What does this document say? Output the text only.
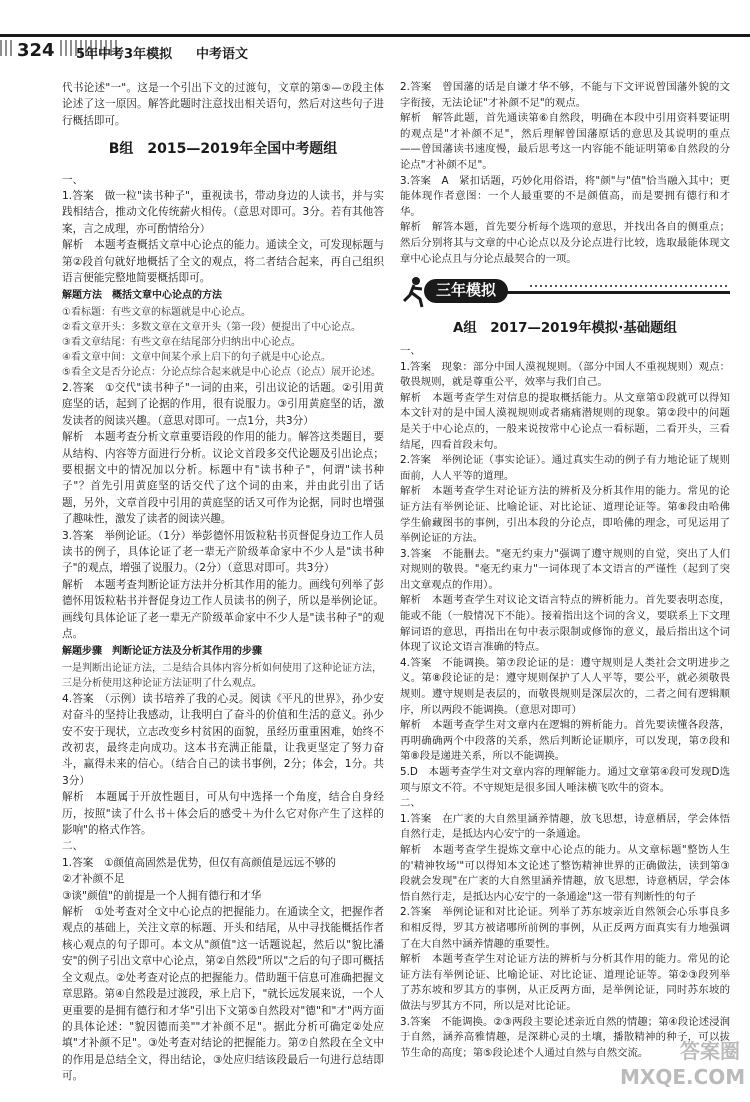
324 5年中考3年模拟 中考语文

代书论述"一"。这是一个引出下文的过渡句，文章的第⑤—⑦段主体论述了这一原因。解答此题时注意找出相关语句，然后对这些句子进行概括即可。

B组　2015—2019年全国中考题组

一、

1.答案　做一粒"读书种子"，重视读书，带动身边的人读书，并与实践相结合，推动文化传统薪火相传。（意思对即可。3分。若有其他答案，言之成理，亦可酌情给分）

解析　本题考查概括文章中心论点的能力。通读全文，可发现标题与第②段首句就好地概括了全文的观点，将二者结合起来，再自己组织语言便能完整地简要概括即可。

解题方法　概括文章中心论点的方法
①看标题：有些文章的标题就是中心论点。
②看文章开头：多数文章在文章开头（第一段）便提出了中心论点。
③看文章结尾：有些文章在结尾部分归纳出中心论点。
④看文章中间：文章中间某个承上启下的句子就是中心论点。
⑤看全文是否分论点：分论点综合起来就是中心论点（论点）展开论述。

2.答案　①交代"读书种子"一词的由来，引出议论的话题。②引用黄庭坚的话，起到了论据的作用，很有说服力。③引用黄庭坚的话，激发读者的阅读兴趣。（意思对即可。一点1分，共3分）

解析　本题考查分析文章重要语段的作用的能力。解答这类题目，要从结构、内容等方面进行分析。议论文首段多交代论题及引出论点；要根据文中的情况加以分析。标题中有"读书种子"，何谓"读书种子"？首先引用黄庭坚的话交代了这个词的由来，并由此引出了话题，另外，文章首段中引用的黄庭坚的话又可作为论据，同时也增强了趣味性，激发了读者的阅读兴趣。

3.答案　举例论证。（1分）举彭德怀用饭粒粘书页督促身边工作人员读书的例子，具体论证了老一辈无产阶级革命家中不少人是"读书种子"的观点，增强了说服力。（2分）（意思对即可。共3分）

解析　本题考查判断论证方法并分析其作用的能力。画线句列举了彭德怀用饭粒粘书并督促身边工作人员读书的例子，所以是举例论证。画线句具体论证了老一辈无产阶级革命家中不少人是"读书种子"的观点。

解题步骤　判断论证方法及分析其作用的步骤
一是判断出论证方法，二是结合具体内容分析如何使用了这种论证方法，三是分析使用这种论证方法证明了什么观点。

4.答案　（示例）读书培养了我的心灵。阅读《平凡的世界》，孙少安对奋斗的坚持让我感动，让我明白了奋斗的价值和生活的意义。孙少安不安于现状，立志改变乡村贫困的面貌，虽经历重重困难，始终不改初衷，最终走向成功。这本书充满正能量，让我更坚定了努力奋斗，赢得未来的信心。（结合自己的读书事例，2分；体会，1分。共3分）

解析　本题属于开放性题目，可从句中选择一个角度，结合自身经历，按照"读了什么书＋体会后的感受＋为什么它对你产生了这样的影响"的格式作答。

二、

1.答案　①颜值高固然是优势，但仅有高颜值是远远不够的

②才补颜不足

③谈"颜值"的前提是一个人拥有德行和才华

解析　①处考查对全文中心论点的把握能力。在通读全文，把握作者观点的基础上，关注文章的标题、开头和结尾，从中寻找能概括作者核心观点的句子即可。本文从"颜值"这一话题说起，然后以"貌比潘安"的例子引出文章中心论点，第②自然段"所以"之后的句子即可概括全文观点。②处考查对论点的把握能力。借助题干信息可准确把握文章思路。第④自然段是过渡段，承上启下，"就长远发展来说，一个人更重要的是拥有德行和才华"引出下文第⑤自然段对"德"和"才"两方面的具体论述："貌因德而美""才补颜不足"。据此分析可确定②处应填"才补颜不足"。③处考查对结论的把握能力。第⑦自然段在全文中的作用是总结全文，得出结论，③处应归结该段最后一句进行总结即可。

2.答案　曾国藩的话是自谦才华不够，不能与下文评说曾国藩外貌的文字衔接，无法论证"才补颜不足"的观点。

解析　解答此题，首先通读第⑥自然段，明确在本段中引用资料要证明的观点是"才补颜不足"，然后理解曾国藩原话的意思及其说明的重点——曾国藩读书速度慢，最后思考这一内容能不能证明第⑥自然段的分论点"才补颜不足"。

3.答案　A　紧扣话题，巧妙化用俗语，将"颜"与"值"恰当融入其中；更能体现作者意图：一个人最重要的不是颜值高，而是要拥有德行和才华。

解析　解答本题，首先要分析每个选项的意思，并找出各自的侧重点；然后分别将其与文章的中心论点以及分论点进行比较，选取最能体现文章中心论点且与分论点最契合的一项。

三年模拟
A组　2017—2019年模拟·基础题组

一、

1.答案　现象：部分中国人漠视规则。（部分中国人不重视规则）观点：敬畏规则，就是尊重公平，效率与我们自己。

解析　本题考查学生对信息的提取概括能力。从文章第①段就可以得知本文针对的是中国人漠视规则或者痛痛潜规则的现象。第②段中的问题是关于中心论点的，一般来说按常中心论点一看标题，二看开头，三看结尾，四看首段末句。

2.答案　举例论证（事实论证）。通过真实生动的例子有力地论证了规则面前，人人平等的道理。

解析　本题考查学生对论证方法的辨析及分析其作用的能力。常见的论证方法有举例论证、比喻论证、对比论证、道理论证等。第⑧段由哈佛学生偷藏图书的事例，引出本段的分论点，即哈佛的理念，可见运用了举例论证的方法。

3.答案　不能删去。"毫无约束力"强调了遵守规则的自觉，突出了人们对规则的敬畏。"毫无约束力"一词体现了本文语言的严谨性（起到了突出文章观点的作用）。

解析　本题考查学生对议论文语言特点的辨析能力。首先要表明态度，能或不能（一般情况下不能）。接着指出这个词的含义，要联系上下文理解词语的意思，再指出在句中表示限制或修饰的意义，最后指出这个词体现了议论文语言准确的特点。

4.答案　不能调换。第⑦段论证的是：遵守规则是人类社会文明进步之义。第⑧段论证的是：遵守规则保护了人人平等，要公平，就必须敬畏规则。遵守规则是表层的，而敬畏规则是深层次的，二者之间有逻辑顺序，所以两段不能调换。（意思对即可）

解析　本题考查学生对文章内在逻辑的辨析能力。首先要读懂各段落，再明确确两个中段落的关系，然后判断论证顺序，可以发现，第⑦段和第⑧段是递进关系，所以不能调换。

5.D　本题考查学生对文章内容的理解能力。通过文章第④段可发现D选项与原文不符。不守规矩是很多国人唾沫横飞吹牛的资本。

二、

1.答案　在广袤的大自然里涵养情趣，放飞思想，诗意栖居，学会体悟自然行走，是抵达内心安宁的一条通途。

解析　本题考查学生提炼文章中心论点的能力。从文章标题"整饬人生的'精神牧场'"可以得知本文论述了整饬精神世界的正确做法，读到第③段就会发现"在广袤的大自然里涵养情趣，放飞思想，诗意栖居，学会体悟自然行走，是抵达内心安宁的一条通途"这一带有判断性的句子

2.答案　举例论证和对比论证。列举了苏东坡亲近自然领会心乐事良多和相反得，罗其方被诸哪所前例的事例，从正反两方面真实有力地强调了在大自然中涵养情趣的重要性。

解析　本题考查学生对论证方法的辨析与分析其作用的能力。常见的论证方法有举例论证、比喻论证、对比论证、道理论证等。第②③段列举了苏东坡和罗其方的事例，从正反两方面，是举例论证，同时苏东坡的做法与罗其方不同，所以是对比论证。

3.答案　不能调换。②③两段主要论述亲近自然的情趣；第④段论述浸润于自然，涵养高雅情趣，是深耕心灵的土壤，播散精神的种子，可以拔节生命的高度；第⑤段论述个人通过自然与自然交流。	答案圈
MXQE.COM
